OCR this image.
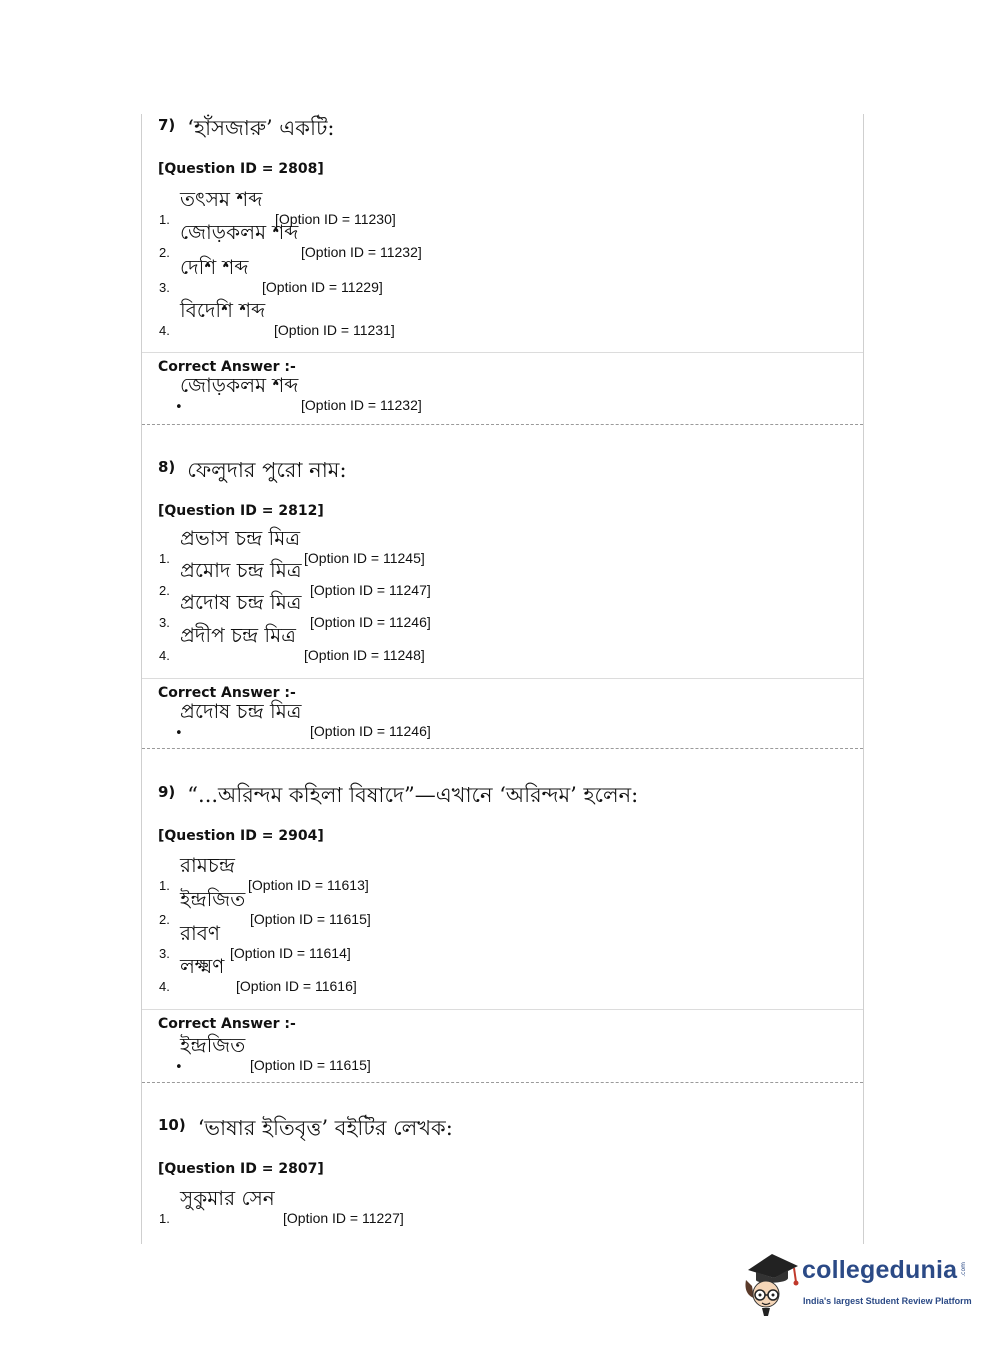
7) ‘হাঁসজারু’ একটি:
[Question ID = 2808]
1.
তৎসম শব্দ
[Option ID = 11230]
2.
জোড়কলম শব্দ
[Option ID = 11232]
3.
দেশি শব্দ
[Option ID = 11229]
4.
বিদেশি শব্দ
[Option ID = 11231]
Correct Answer :-
•
জোড়কলম শব্দ
[Option ID = 11232]
8) ফেলুদার পুরো নাম:
[Question ID = 2812]
1.
প্রভাস চন্দ্র মিত্র
[Option ID = 11245]
2.
প্রমোদ চন্দ্র মিত্র
[Option ID = 11247]
3.
প্রদোষ চন্দ্র মিত্র
[Option ID = 11246]
4.
প্রদীপ চন্দ্র মিত্র
[Option ID = 11248]
Correct Answer :-
•
প্রদোষ চন্দ্র মিত্র
[Option ID = 11246]
9) “...অরিন্দম কহিলা বিষাদে”—এখানে ‘অরিন্দম’ হলেন:
[Question ID = 2904]
1.
রামচন্দ্র
[Option ID = 11613]
2.
ইন্দ্রজিত
[Option ID = 11615]
3.
রাবণ
[Option ID = 11614]
4.
লক্ষ্মণ
[Option ID = 11616]
Correct Answer :-
•
ইন্দ্রজিত
[Option ID = 11615]
10) ‘ভাষার ইতিবৃত্ত’ বইটির লেখক:
[Question ID = 2807]
1.
সুকুমার সেন
[Option ID = 11227]
collegedunia .com
India's largest Student Review Platform
